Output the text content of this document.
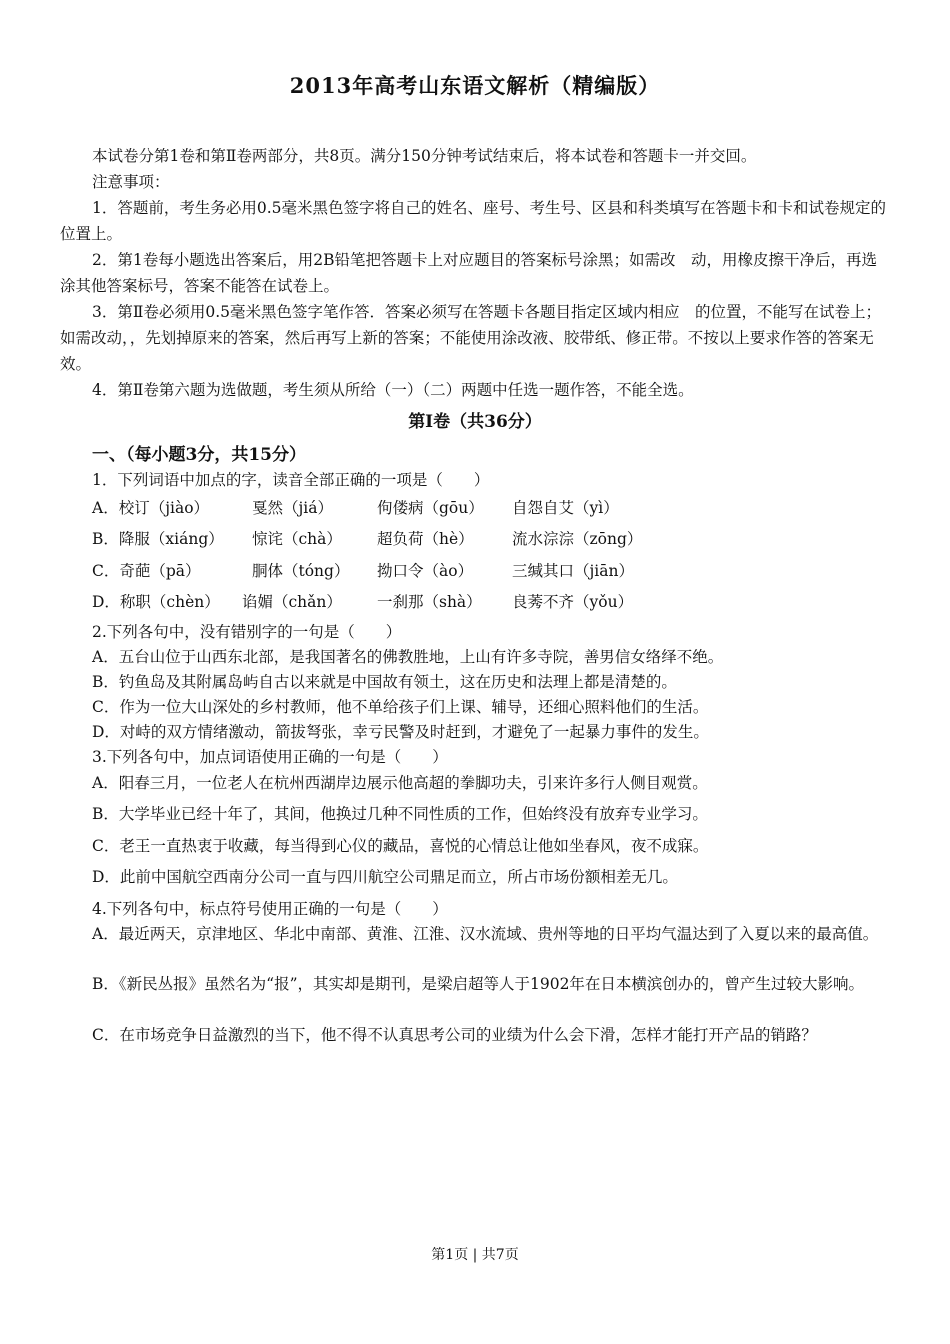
2013年高考山东语文解析（精编版）
本试卷分第1卷和第Ⅱ卷两部分，共8页。满分150分钟考试结束后，将本试卷和答题卡一并交回。
注意事项：
1．答题前，考生务必用0.5毫米黑色签字将自己的姓名、座号、考生号、区县和科类填写在答题卡和卡和试卷规定的位置上。
2．第1卷每小题选出答案后，用2B铅笔把答题卡上对应题目的答案标号涂黑；如需改　动，用橡皮擦干净后，再选涂其他答案标号，答案不能答在试卷上。
3．第Ⅱ卷必须用0.5毫米黑色签字笔作答．答案必须写在答题卡各题目指定区域内相应　的位置，不能写在试卷上；如需改动，，先划掉原来的答案，然后再写上新的答案；不能使用涂改液、胶带纸、修正带。不按以上要求作答的答案无效。
4．第Ⅱ卷第六题为选做题，考生须从所给（一）（二）两题中任选一题作答，不能全选。
第Ⅰ卷（共36分）
一、（每小题3分，共15分）
1．下列词语中加点的字，读音全部正确的一项是（　　）
A．校订（jiào）	戛然（jiá）	佝偻病（gōu） 自怨自艾（yì）
B．降服（xiáng） 惊诧（chà） 超负荷（hè） 流水淙淙（zōng）
C．奇葩（pā）	胴体（tóng） 拗口令（ào）	三缄其口（jiān）
D．称职（chèn） 谄媚（chǎn） 一刹那（shà） 良莠不齐（yǒu）
2.下列各句中，没有错别字的一句是（　　）
A．五台山位于山西东北部，是我国著名的佛教胜地，上山有许多寺院，善男信女络绎不绝。
B．钓鱼岛及其附属岛屿自古以来就是中国故有领土，这在历史和法理上都是清楚的。
C．作为一位大山深处的乡村教师，他不单给孩子们上课、辅导，还细心照料他们的生活。
D．对峙的双方情绪激动，箭拔弩张，幸亏民警及时赶到，才避免了一起暴力事件的发生。
3.下列各句中，加点词语使用正确的一句是（　　）
A．阳春三月，一位老人在杭州西湖岸边展示他高超的拳脚功夫，引来许多行人侧目观赏。
B．大学毕业已经十年了，其间，他换过几种不同性质的工作，但始终没有放弃专业学习。
C．老王一直热衷于收藏，每当得到心仪的藏品，喜悦的心情总让他如坐春风，夜不成寐。
D．此前中国航空西南分公司一直与四川航空公司鼎足而立，所占市场份额相差无几。
4.下列各句中，标点符号使用正确的一句是（　　）
A．最近两天，京津地区、华北中南部、黄淮、江淮、汉水流域、贵州等地的日平均气温达到了入夏以来的最高值。
B．《新民丛报》虽然名为“报”，其实却是期刊，是梁启超等人于1902年在日本横滨创办的，曾产生过较大影响。
C．在市场竞争日益激烈的当下，他不得不认真思考公司的业绩为什么会下滑，怎样才能打开产品的销路？
第1页 | 共7页
